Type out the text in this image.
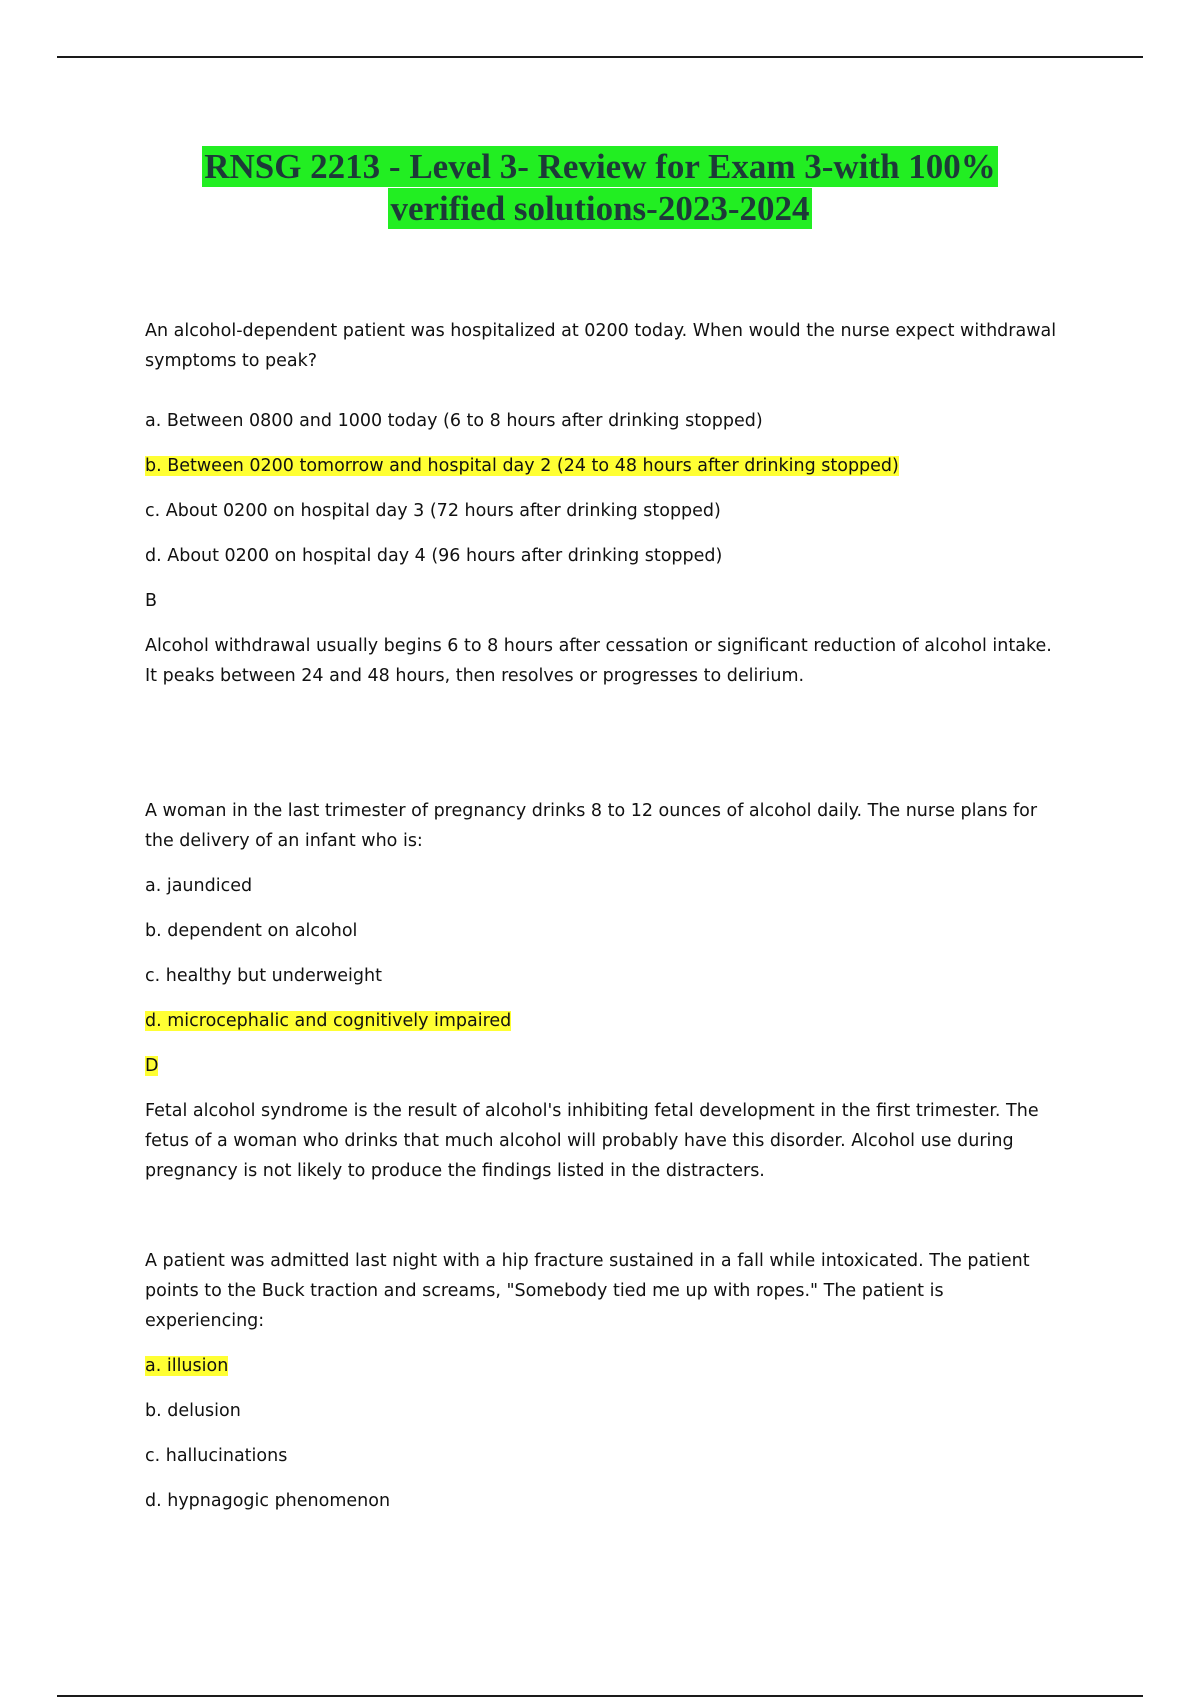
RNSG 2213 - Level 3- Review for Exam 3-with 100%
verified solutions-2023-2024

An alcohol-dependent patient was hospitalized at 0200 today. When would the nurse expect withdrawal symptoms to peak?

a. Between 0800 and 1000 today (6 to 8 hours after drinking stopped)

b. Between 0200 tomorrow and hospital day 2 (24 to 48 hours after drinking stopped)

c. About 0200 on hospital day 3 (72 hours after drinking stopped)

d. About 0200 on hospital day 4 (96 hours after drinking stopped)

B

Alcohol withdrawal usually begins 6 to 8 hours after cessation or significant reduction of alcohol intake. It peaks between 24 and 48 hours, then resolves or progresses to delirium.

A woman in the last trimester of pregnancy drinks 8 to 12 ounces of alcohol daily. The nurse plans for the delivery of an infant who is:

a. jaundiced

b. dependent on alcohol

c. healthy but underweight

d. microcephalic and cognitively impaired

D

Fetal alcohol syndrome is the result of alcohol's inhibiting fetal development in the first trimester. The fetus of a woman who drinks that much alcohol will probably have this disorder. Alcohol use during pregnancy is not likely to produce the findings listed in the distracters.

A patient was admitted last night with a hip fracture sustained in a fall while intoxicated. The patient points to the Buck traction and screams, "Somebody tied me up with ropes." The patient is experiencing:

a. illusion

b. delusion

c. hallucinations

d. hypnagogic phenomenon
